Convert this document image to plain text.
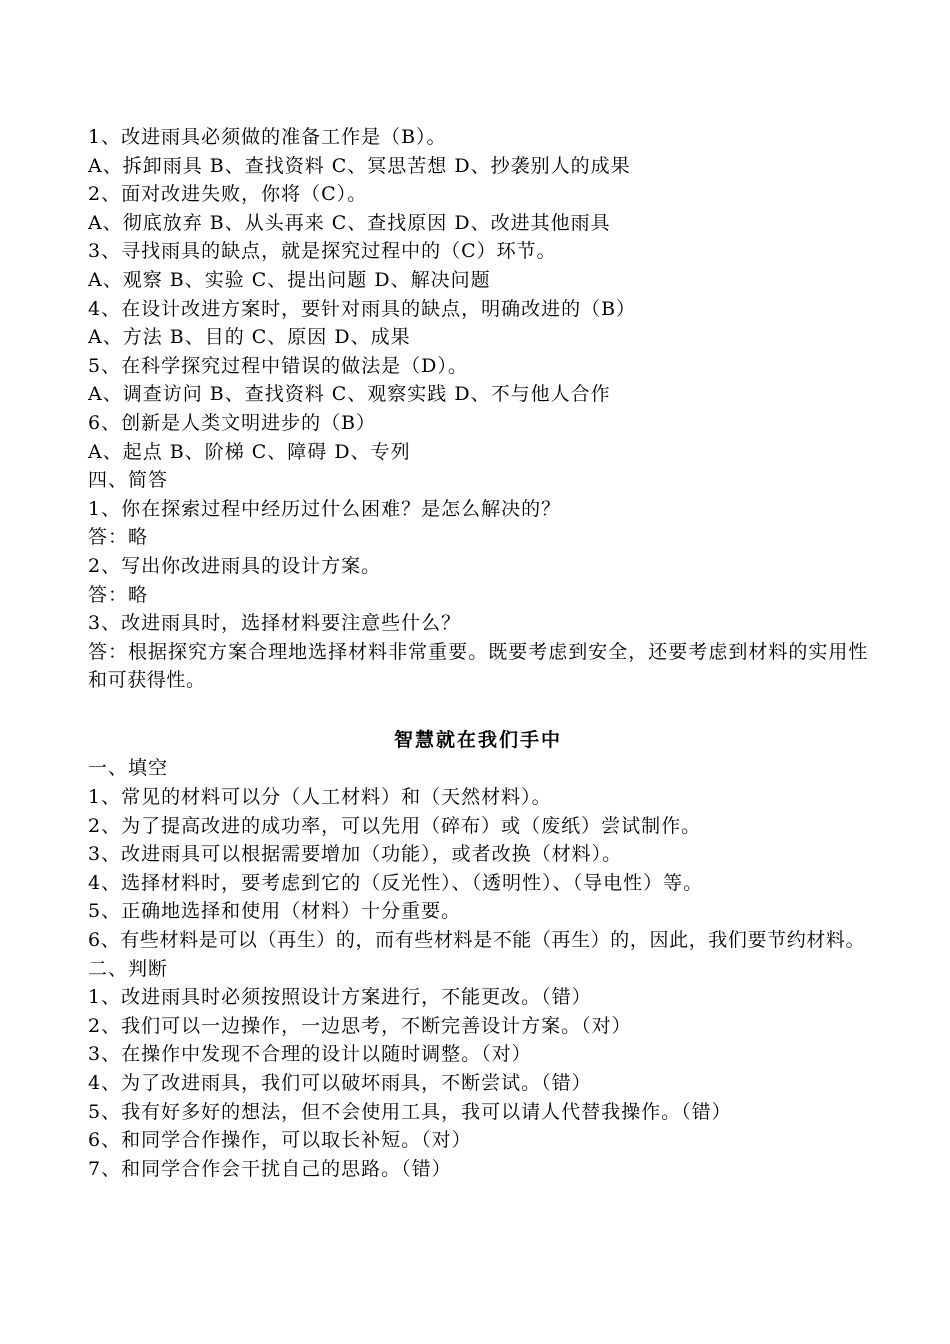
1、改进雨具必须做的准备工作是（B）。
A、拆卸雨具 B、查找资料 C、冥思苦想 D、抄袭别人的成果
2、面对改进失败，你将（C）。
A、彻底放弃 B、从头再来 C、查找原因 D、改进其他雨具
3、寻找雨具的缺点，就是探究过程中的（C）环节。
A、观察 B、实验 C、提出问题 D、解决问题
4、在设计改进方案时，要针对雨具的缺点，明确改进的（B）
A、方法 B、目的 C、原因 D、成果
5、在科学探究过程中错误的做法是（D）。
A、调查访问 B、查找资料 C、观察实践 D、不与他人合作
6、创新是人类文明进步的（B）
A、起点 B、阶梯 C、障碍 D、专列
四、简答
1、你在探索过程中经历过什么困难？是怎么解决的？
答：略
2、写出你改进雨具的设计方案。
答：略
3、改进雨具时，选择材料要注意些什么？
答：根据探究方案合理地选择材料非常重要。既要考虑到安全，还要考虑到材料的实用性和可获得性。
智慧就在我们手中
一、填空
1、常见的材料可以分（人工材料）和（天然材料）。
2、为了提高改进的成功率，可以先用（碎布）或（废纸）尝试制作。
3、改进雨具可以根据需要增加（功能），或者改换（材料）。
4、选择材料时，要考虑到它的（反光性）、（透明性）、（导电性）等。
5、正确地选择和使用（材料）十分重要。
6、有些材料是可以（再生）的，而有些材料是不能（再生）的，因此，我们要节约材料。
二、判断
1、改进雨具时必须按照设计方案进行，不能更改。（错）
2、我们可以一边操作，一边思考，不断完善设计方案。（对）
3、在操作中发现不合理的设计以随时调整。（对）
4、为了改进雨具，我们可以破坏雨具，不断尝试。（错）
5、我有好多好的想法，但不会使用工具，我可以请人代替我操作。（错）
6、和同学合作操作，可以取长补短。（对）
7、和同学合作会干扰自己的思路。（错）
